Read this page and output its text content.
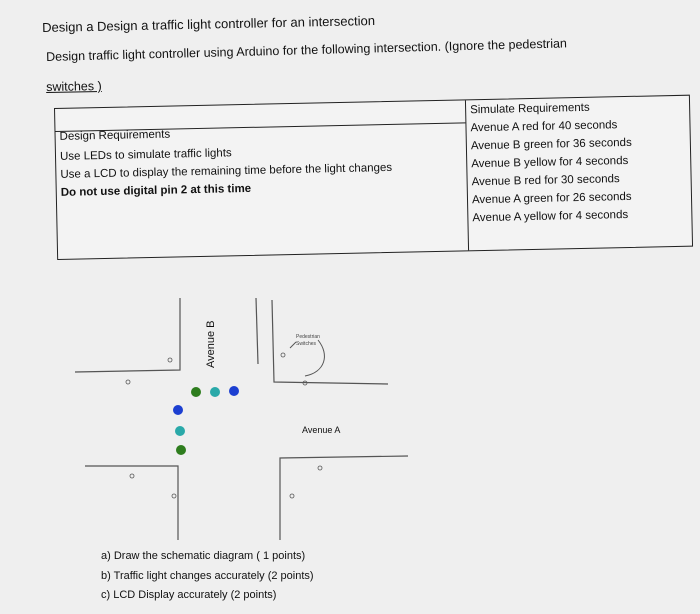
Design a Design a traffic light controller for an intersection
Design traffic light controller using Arduino for the following intersection. (Ignore the pedestrian
switches )
Design Requirements
Use LEDs to simulate traffic lights
Use a LCD to display the remaining time before the light changes
Do not use digital pin 2 at this time
Simulate Requirements
Avenue A red for 40 seconds
Avenue B green for 36 seconds
Avenue B yellow for 4 seconds
Avenue B red for 30 seconds
Avenue A green for 26 seconds
Avenue A yellow for 4 seconds
Avenue B
Avenue A
Pedestrian
Switches
a) Draw the schematic diagram ( 1 points)
b) Traffic light changes accurately (2 points)
c) LCD Display accurately (2 points)
